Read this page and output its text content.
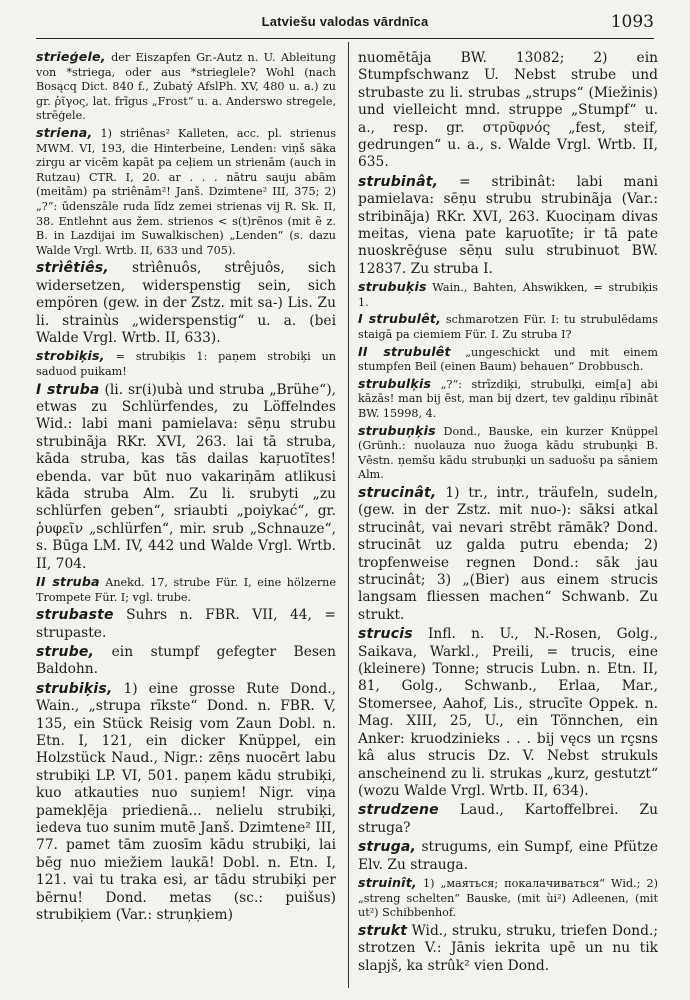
Latviešu valodas vārdnīca	1093

strieģele, der Eiszapfen Gr.-Autz n. U. Ableitung von *striega, oder aus *strieglele? Wohl (nach Bosącq Dict. 840 f., Zubatý AfslPh. XV, 480 u. a.) zu gr. ῥῖγος, lat. frīgus „Frost“ u. a. Anderswo stregele, strēģele.

striena, 1) striênas² Kalleten, acc. pl. strienus MWM. VI, 193, die Hinterbeine, Lenden: viņš sāka zirgu ar vicēm kapāt pa ceļiem un strienām (auch in Rutzau) CTR. I, 20. ar . . . nātru sauju abām (meitām) pa striênām²! Janš. Dzimtene² III, 375; 2) „?“: ūdenszāle ruda līdz zemei strienas vij R. Sk. II, 38. Entlehnt aus žem. strienos < s(t)rēnos (mit ẽ z. B. in Lazdijai im Suwalkischen) „Lenden“ (s. dazu Walde Vrgl. Wrtb. II, 633 und 705).

strìêtiês, strìênuôs, strêjuôs, sich widersetzen, widerspenstig sein, sich empören (gew. in der Zstz. mit sa-) Lis. Zu li. strainùs „widerspenstig“ u. a. (bei Walde Vrgl. Wrtb. II, 633).

strobiķis, = strubiķis 1: paņem strobiķi un saduod puikam!

I struba (li. sr(i)ubà und struba „Brühe“), etwas zu Schlürfendes, zu Löffelndes Wid.: labi mani pamielava: sēņu strubu strubinãja RKr. XVI, 263. lai tā struba, kāda struba, kas tās dailas kaŗuotītes! ebenda. var būt nuo vakariņām atlikusi kāda struba Alm. Zu li. srubyti „zu schlürfen geben“, sriaubti „poiykać“, gr. ῥυφεῖν „schlürfen“, mir. srub „Schnauze“, s. Būga LM. IV, 442 und Walde Vrgl. Wrtb. II, 704.

II struba Anekd. 17, strube Für. I, eine hölzerne Trompete Für. I; vgl. trube.

strubaste Suhrs n. FBR. VII, 44, = strupaste.

strube, ein stumpf gefegter Besen Baldohn.

strubiķis, 1) eine grosse Rute Dond., Wain., „strupa rīkste“ Dond. n. FBR. V, 135, ein Stück Reisig vom Zaun Dobl. n. Etn. I, 121, ein dicker Knüppel, ein Holzstück Naud., Nigr.: zēņs nuocērt labu strubiķi LP. VI, 501. paņem kādu strubiķi, kuo atkauties nuo suņiem! Nigr. viņa pamekļēja priedienā... nelielu strubiķi, iedeva tuo sunim mutē Janš. Dzimtene² III, 77. pamet tām zuosīm kādu strubiķi, lai bēg nuo miežiem laukā! Dobl. n. Etn. I, 121. vai tu traka esi, ar tādu strubiķi per bērnu! Dond. metas (sc.: puišus) strubiķiem (Var.: struņķiem)

nuomētāja BW. 13082; 2) ein Stumpfschwanz U. Nebst strube und strubaste zu li. strubas „strups“ (Miežinis) und vielleicht mnd. struppe „Stumpf“ u. a., resp. gr. στρῦφνός „fest, steif, gedrungen“ u. a., s. Walde Vrgl. Wrtb. II, 635.

strubinât, = stribinât: labi mani pamielava: sēņu strubu strubinãja (Var.: stribinãja) RKr. XVI, 263. Kuociņam divas meitas, viena pate kaŗuotīte; ir tā pate nuoskrēģuse sēņu sulu strubinuot BW. 12837. Zu struba I.

strubuķis Wain., Bahten, Ahswikken, = strubiķis 1.

I strubulêt, schmarotzen Für. I: tu strubulēdams staigā pa ciemiem Für. I. Zu struba I?

II strubulêt „ungeschickt und mit einem stumpfen Beil (einen Baum) behauen“ Drobbusch.

strubulķis „?“: strīzdiķi, strubulķi, eim[a] abi kāzās! man bij ēst, man bij dzert, tev galdiņu rībināt BW. 15998, 4.

strubuņķis Dond., Bauske, ein kurzer Knüppel (Grünh.: nuolauza nuo žuoga kādu strubuņķi B. Vēstn. ņemšu kādu strubuņķi un saduošu pa sāniem Alm.

strucinât, 1) tr., intr., träufeln, sudeln, (gew. in der Zstz. mit nuo-): sāksi atkal strucinât, vai nevari strēbt rāmāk? Dond. strucināt uz galda putru ebenda; 2) tropfenweise regnen Dond.: sāk jau strucinât; 3) „(Bier) aus einem strucis langsam fliessen machen“ Schwanb. Zu strukt.

strucis Infl. n. U., N.-Rosen, Golg., Saikava, Warkl., Preili, = trucis, eine (kleinere) Tonne; strucis Lubn. n. Etn. II, 81, Golg., Schwanb., Erlaa, Mar., Stomersee, Aahof, Lis., strucīte Oppek. n. Mag. XIII, 25, U., ein Tönnchen, ein Anker: kruodzinieks . . . bij vęcs un rçsns kâ alus strucis Dz. V. Nebst strukuls anscheinend zu li. strukas „kurz, gestutzt“ (wozu Walde Vrgl. Wrtb. II, 634).

strudzene Laud., Kartoffelbrei. Zu struga?

struga, strugums, ein Sumpf, eine Pfütze Elv. Zu strauga.

struinît, 1) „маяться; покалачиваться“ Wid.; 2) „streng schelten“ Bauske, (mit ùi²) Adleenen, (mit ut²) Schibbenhof.

strukt Wid., struku, struku, triefen Dond.; strotzen V.: Jānis iekrita upē un nu tik slapjš, ka strûk² vien Dond.
